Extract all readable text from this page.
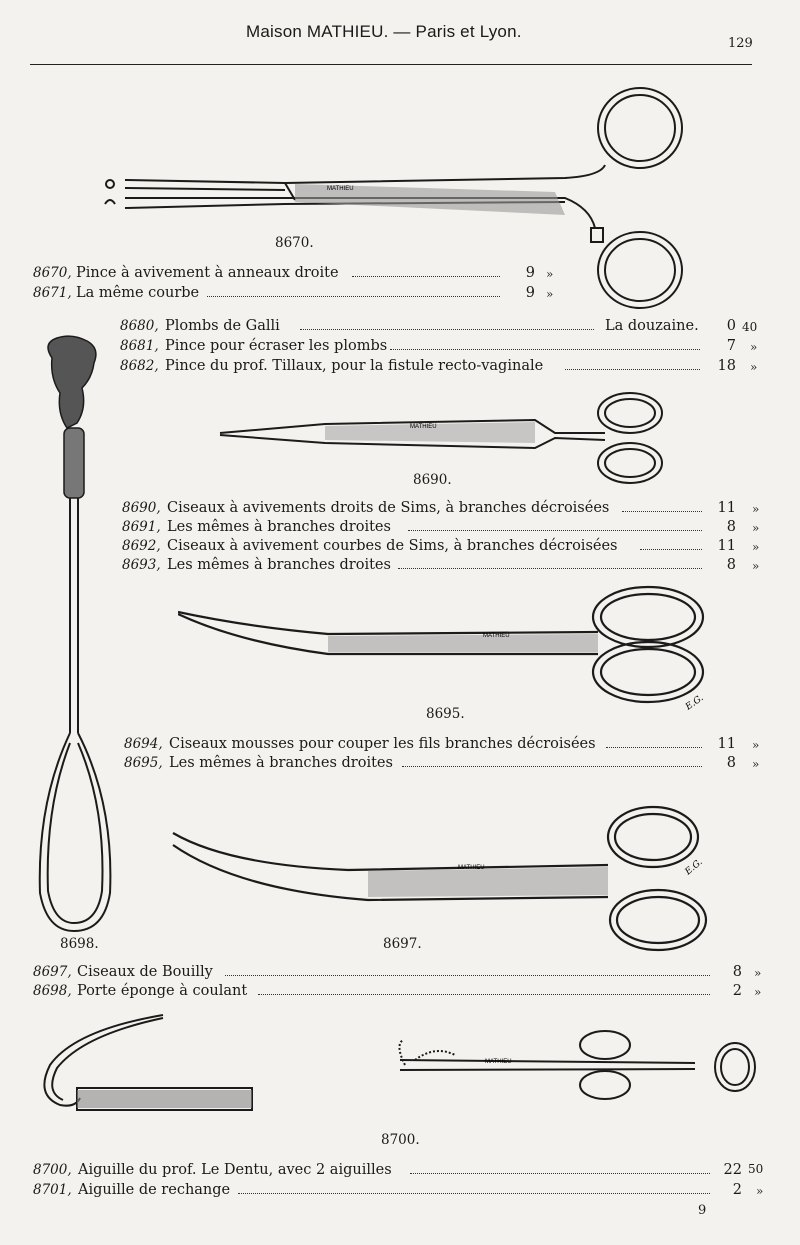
Maison MATHIEU. — Paris et Lyon.
129
MATHIEU
8670.
MATHIEU
8690.
MATHIEU
E.G.
8695.
8698.
MATHIEU	E.G.
8697.
MATHIEU
8700.
8670, Pince à avivement à anneaux droite	9 »
8671, La même courbe	9 »
8680, Plombs de Galli	La douzaine.	0 40
8681, Pince pour écraser les plombs	7 »
8682, Pince du prof. Tillaux, pour la fistule recto-vaginale	18 »
8690, Ciseaux à avivements droits de Sims, à branches décroisées	11 »
8691, Les mêmes à branches droites	8 »
8692, Ciseaux à avivement courbes de Sims, à branches décroisées	11 »
8693, Les mêmes à branches droites	8 »
8694, Ciseaux mousses pour couper les fils branches décroisées	11 »
8695, Les mêmes à branches droites	8 »
8697, Ciseaux de Bouilly	8 »
8698, Porte éponge à coulant	2 »
8700, Aiguille du prof. Le Dentu, avec 2 aiguilles	22 50
8701, Aiguille de rechange	2 »
9
